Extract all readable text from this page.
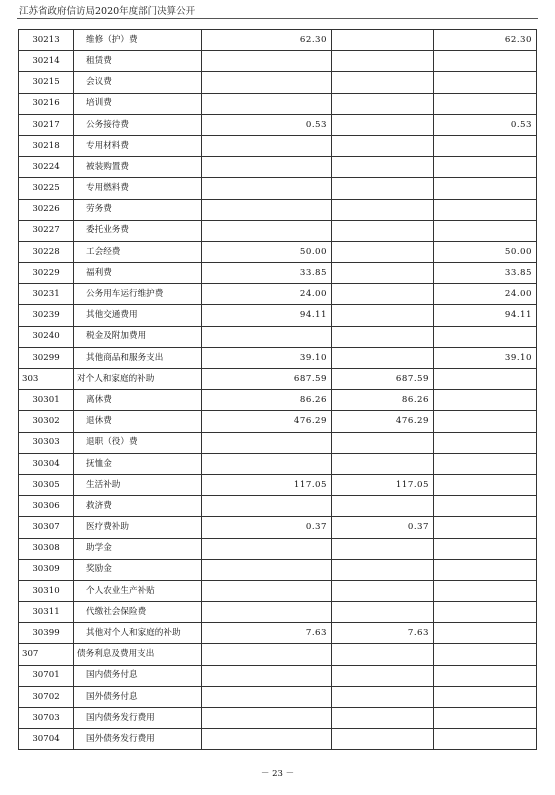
江苏省政府信访局2020年度部门决算公开
30213	维修（护）费	62.30		62.30
30214	租赁费			
30215	会议费			
30216	培训费			
30217	公务接待费	0.53		0.53
30218	专用材料费			
30224	被装购置费			
30225	专用燃料费			
30226	劳务费			
30227	委托业务费			
30228	工会经费	50.00		50.00
30229	福利费	33.85		33.85
30231	公务用车运行维护费	24.00		24.00
30239	其他交通费用	94.11		94.11
30240	税金及附加费用			
30299	其他商品和服务支出	39.10		39.10
303	对个人和家庭的补助	687.59	687.59	
30301	离休费	86.26	86.26	
30302	退休费	476.29	476.29	
30303	退职（役）费			
30304	抚恤金			
30305	生活补助	117.05	117.05	
30306	救济费			
30307	医疗费补助	0.37	0.37	
30308	助学金			
30309	奖励金			
30310	个人农业生产补贴			
30311	代缴社会保险费			
30399	其他对个人和家庭的补助	7.63	7.63	
307	债务利息及费用支出			
30701	国内债务付息			
30702	国外债务付息			
30703	国内债务发行费用			
30704	国外债务发行费用			
－ 23 －
